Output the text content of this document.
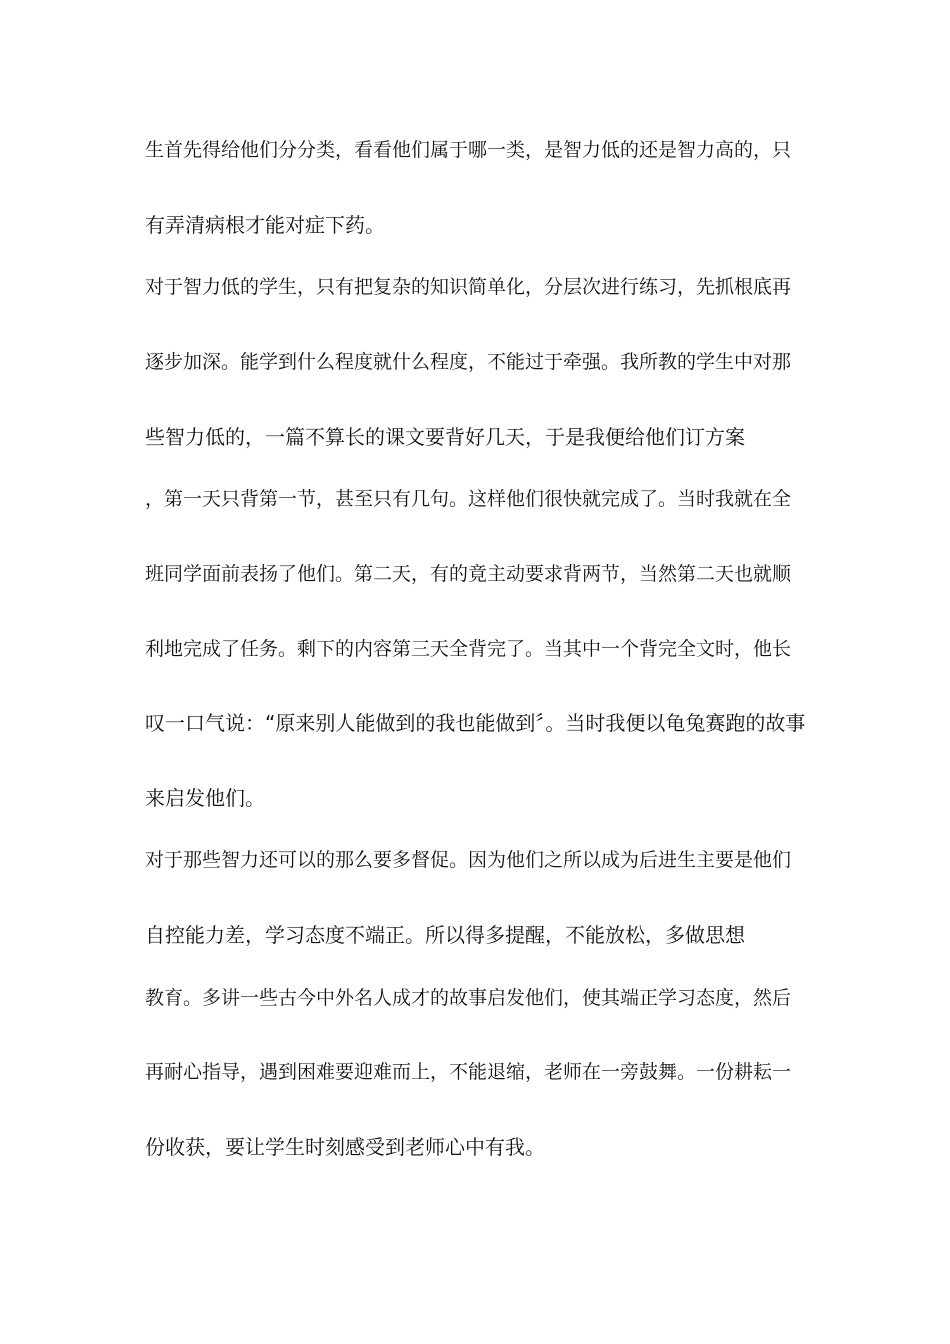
生首先得给他们分分类，看看他们属于哪一类，是智力低的还是智力高的，只
有弄清病根才能对症下药。
对于智力低的学生，只有把复杂的知识简单化，分层次进行练习，先抓根底再
逐步加深。能学到什么程度就什么程度，不能过于牵强。我所教的学生中对那
些智力低的，一篇不算长的课文要背好几天，于是我便给他们订方案
，第一天只背第一节，甚至只有几句。这样他们很快就完成了。当时我就在全
班同学面前表扬了他们。第二天，有的竟主动要求背两节，当然第二天也就顺
利地完成了任务。剩下的内容第三天全背完了。当其中一个背完全文时，他长
叹一口气说：“原来别人能做到的我也能做到〞。当时我便以龟兔赛跑的故事
来启发他们。
对于那些智力还可以的那么要多督促。因为他们之所以成为后进生主要是他们
自控能力差，学习态度不端正。所以得多提醒，不能放松，多做思想
教育。多讲一些古今中外名人成才的故事启发他们，使其端正学习态度，然后
再耐心指导，遇到困难要迎难而上，不能退缩，老师在一旁鼓舞。一份耕耘一
份收获，要让学生时刻感受到老师心中有我。
